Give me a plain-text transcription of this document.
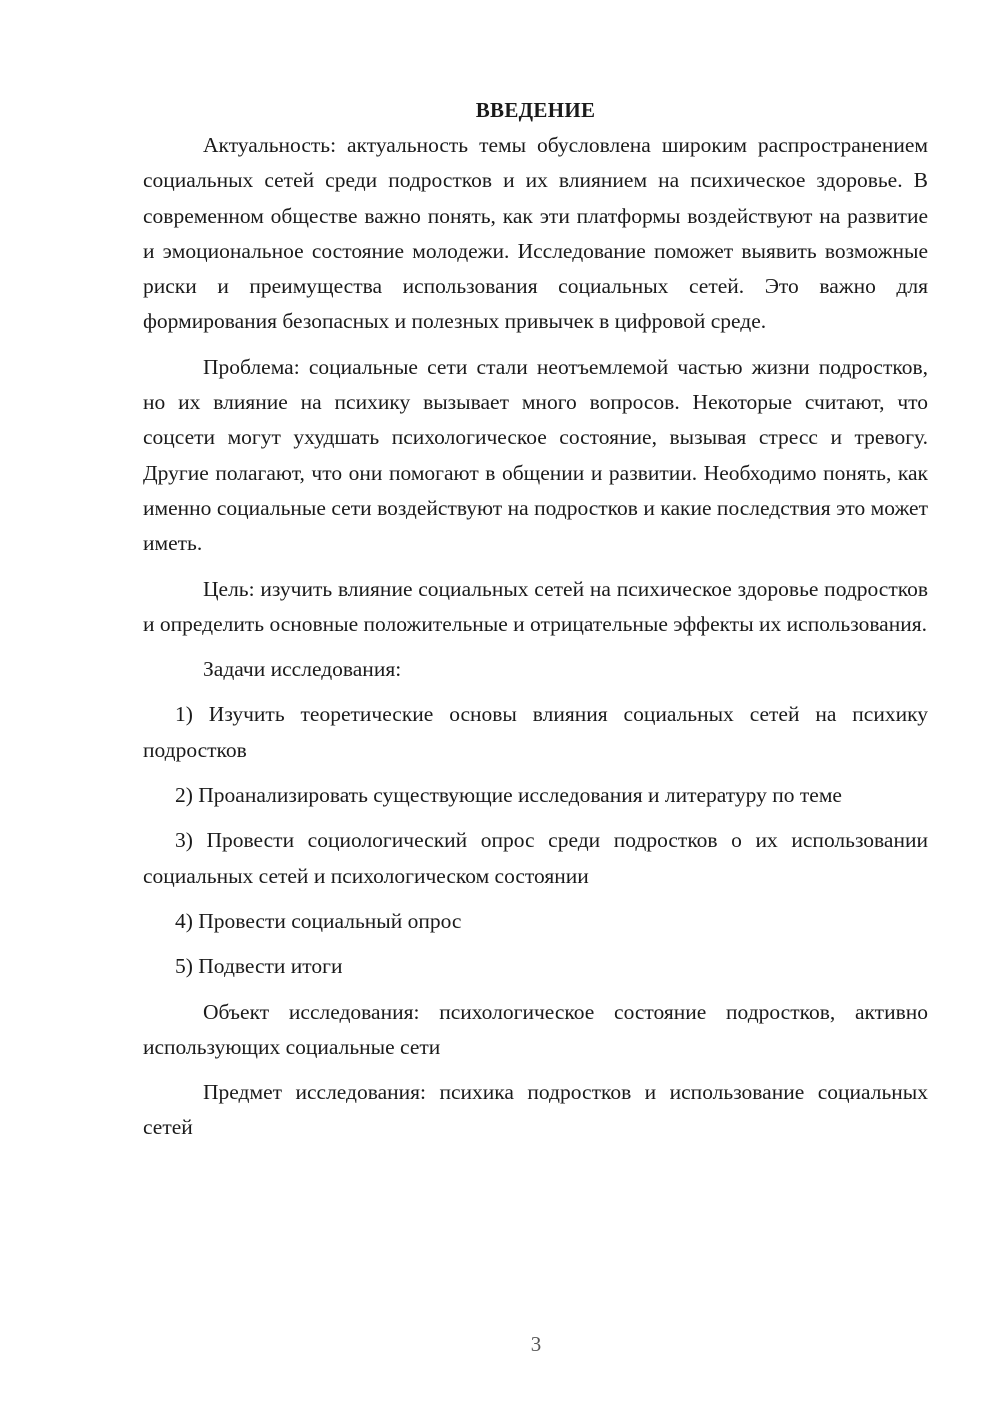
ВВЕДЕНИЕ

Актуальность: актуальность темы обусловлена широким распространением социальных сетей среди подростков и их влиянием на психическое здоровье. В современном обществе важно понять, как эти платформы воздействуют на развитие и эмоциональное состояние молодежи. Исследование поможет выявить возможные риски и преимущества использования социальных сетей. Это важно для формирования безопасных и полезных привычек в цифровой среде.

Проблема: социальные сети стали неотъемлемой частью жизни подростков, но их влияние на психику вызывает много вопросов. Некоторые считают, что соцсети могут ухудшать психологическое состояние, вызывая стресс и тревогу. Другие полагают, что они помогают в общении и развитии. Необходимо понять, как именно социальные сети воздействуют на подростков и какие последствия это может иметь.

Цель: изучить влияние социальных сетей на психическое здоровье подростков и определить основные положительные и отрицательные эффекты их использования.

Задачи исследования:

1) Изучить теоретические основы влияния социальных сетей на психику подростков

2) Проанализировать существующие исследования и литературу по теме

3) Провести социологический опрос среди подростков о их использовании социальных сетей и психологическом состоянии

4) Провести социальный опрос

5) Подвести итоги

Объект исследования: психологическое состояние подростков, активно использующих социальные сети

Предмет исследования: психика подростков и использование социальных сетей

3
